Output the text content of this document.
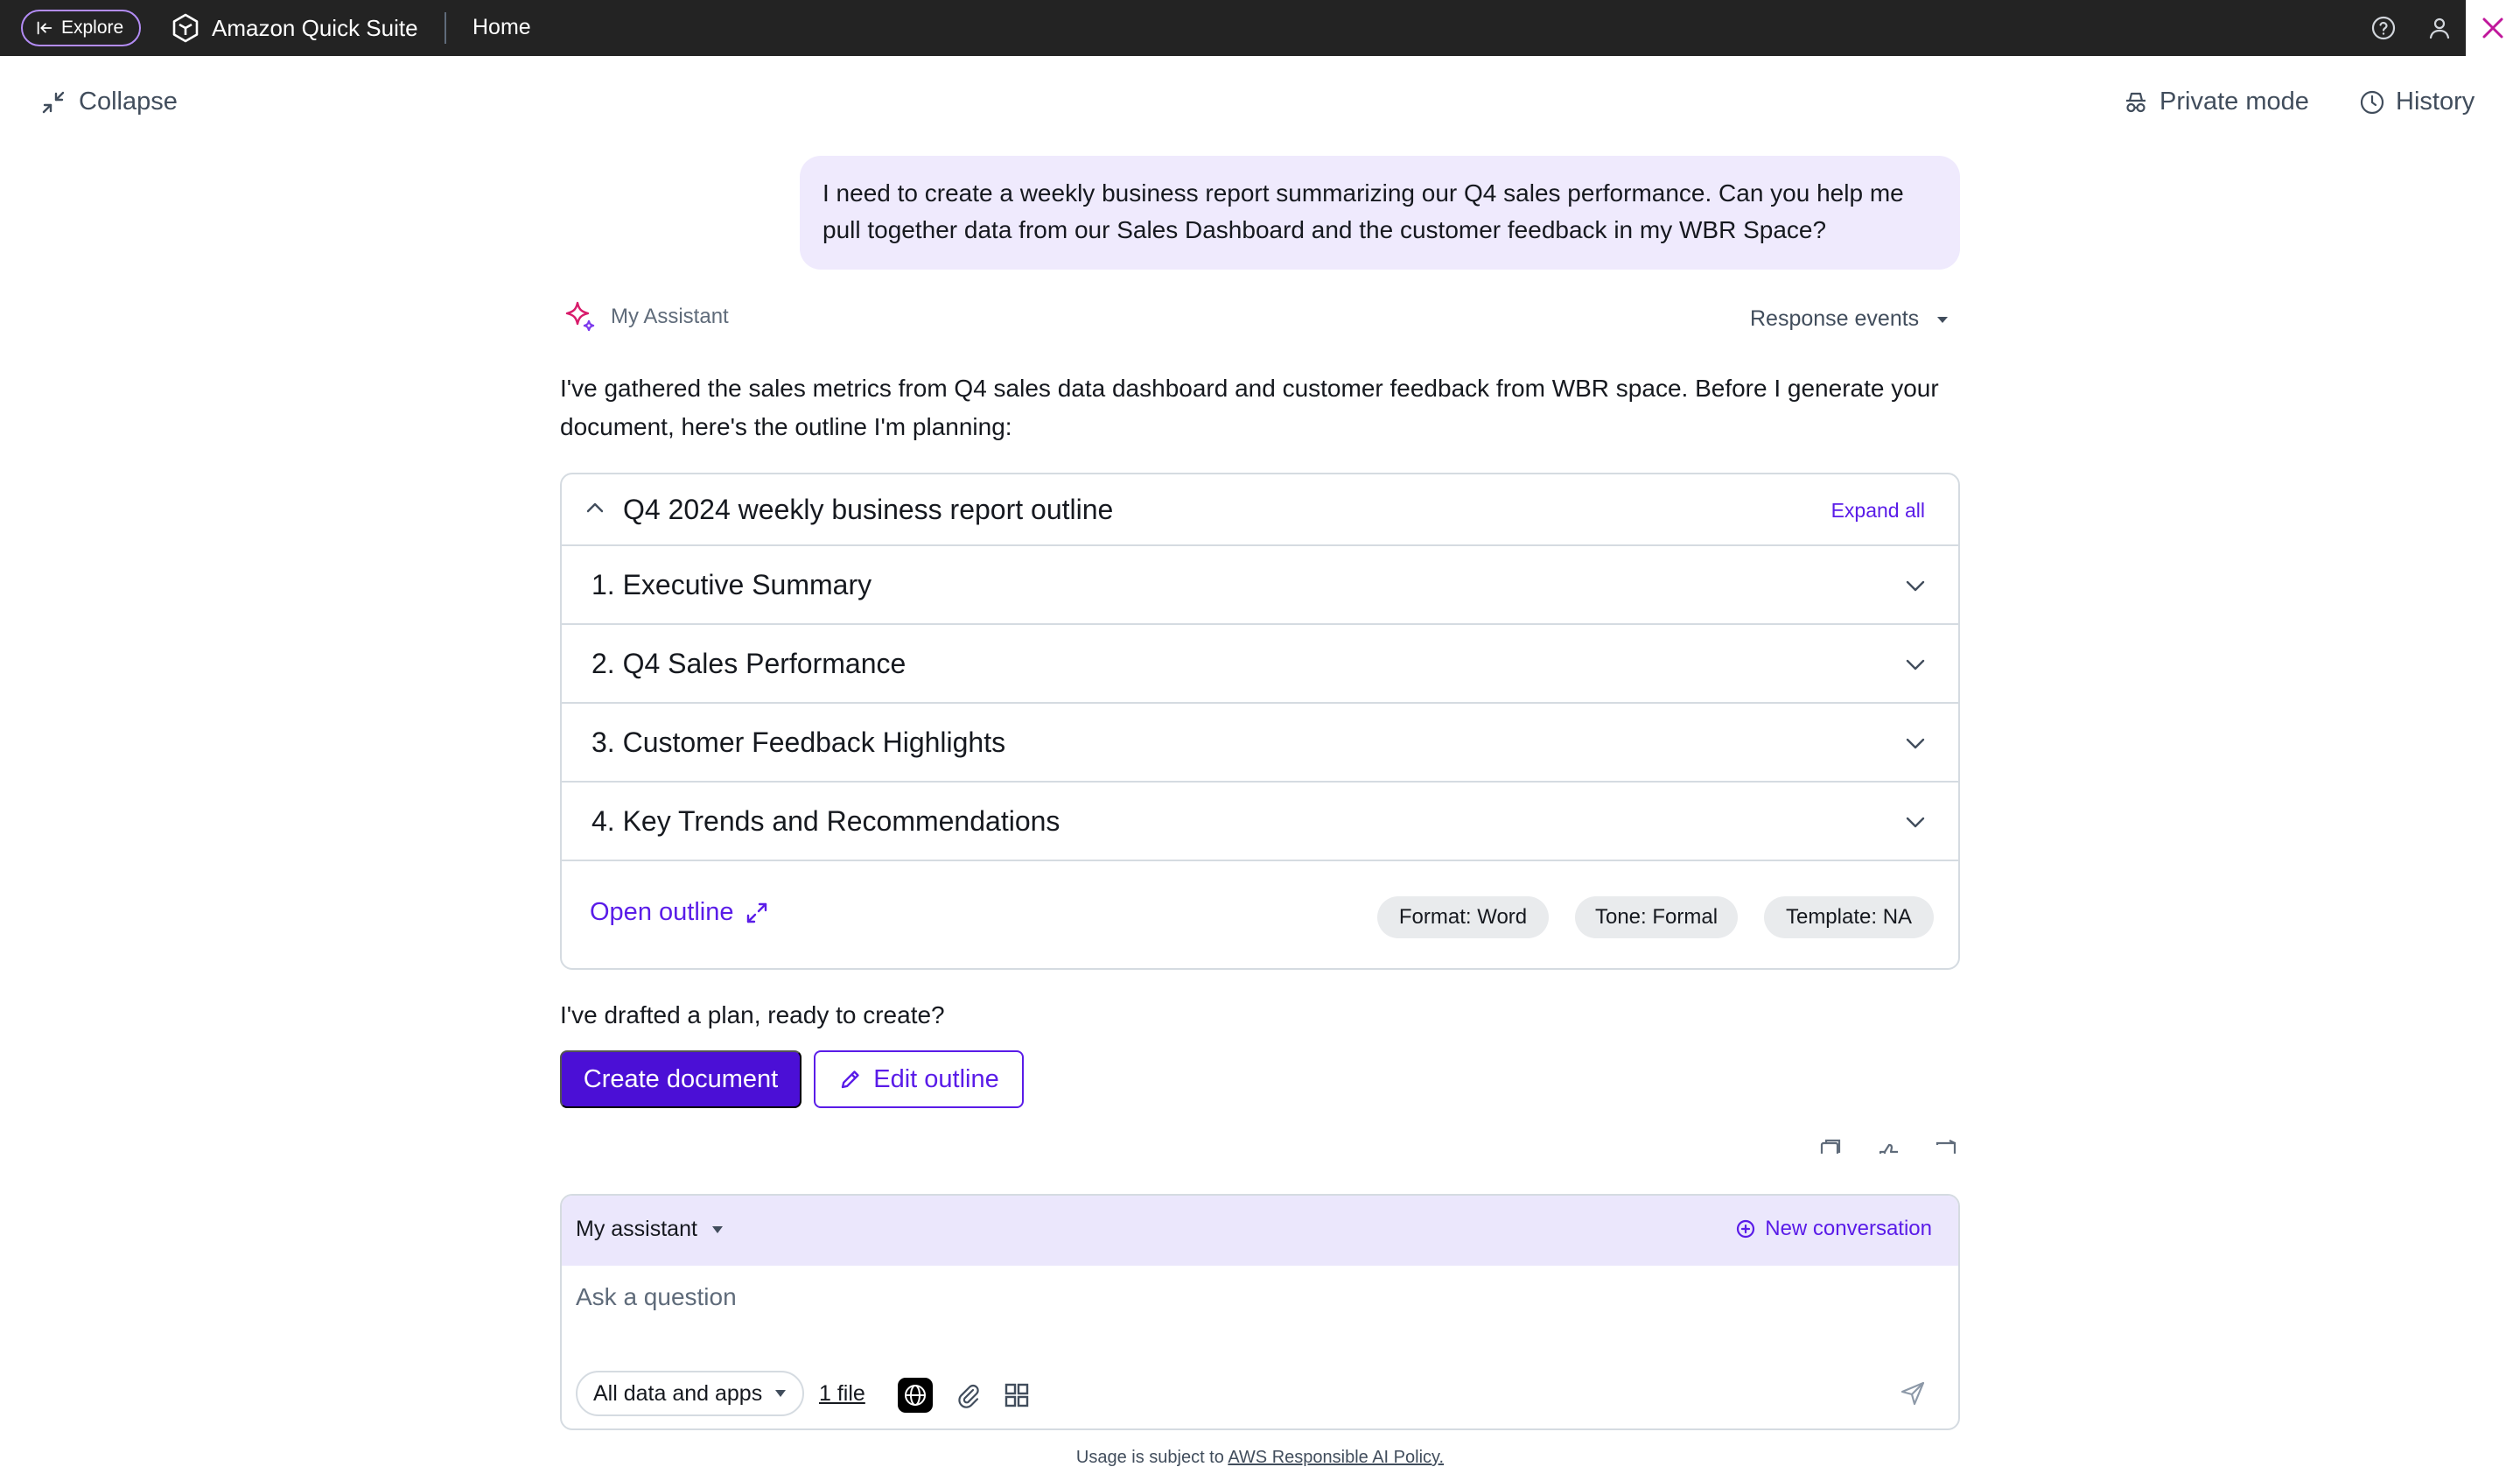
Explore	Amazon Quick Suite Home
Collapse	Private mode	History
I need to create a weekly business report summarizing our Q4 sales performance. Can you help me pull together data from our Sales Dashboard and the customer feedback in my WBR Space?
My Assistant	Response events

I've gathered the sales metrics from Q4 sales data dashboard and customer feedback from WBR space. Before I generate your document, here's the outline I'm planning:

Q4 2024 weekly business report outline	Expand all
1. Executive Summary
2. Q4 Sales Performance
3. Customer Feedback Highlights
4. Key Trends and Recommendations
Open outline	Format: Word	Tone: Formal	Template: NA

I've drafted a plan, ready to create?

Create document	Edit outline
My assistant	New conversation
Ask a question
All data and apps	1 file

Usage is subject to AWS Responsible AI Policy.
